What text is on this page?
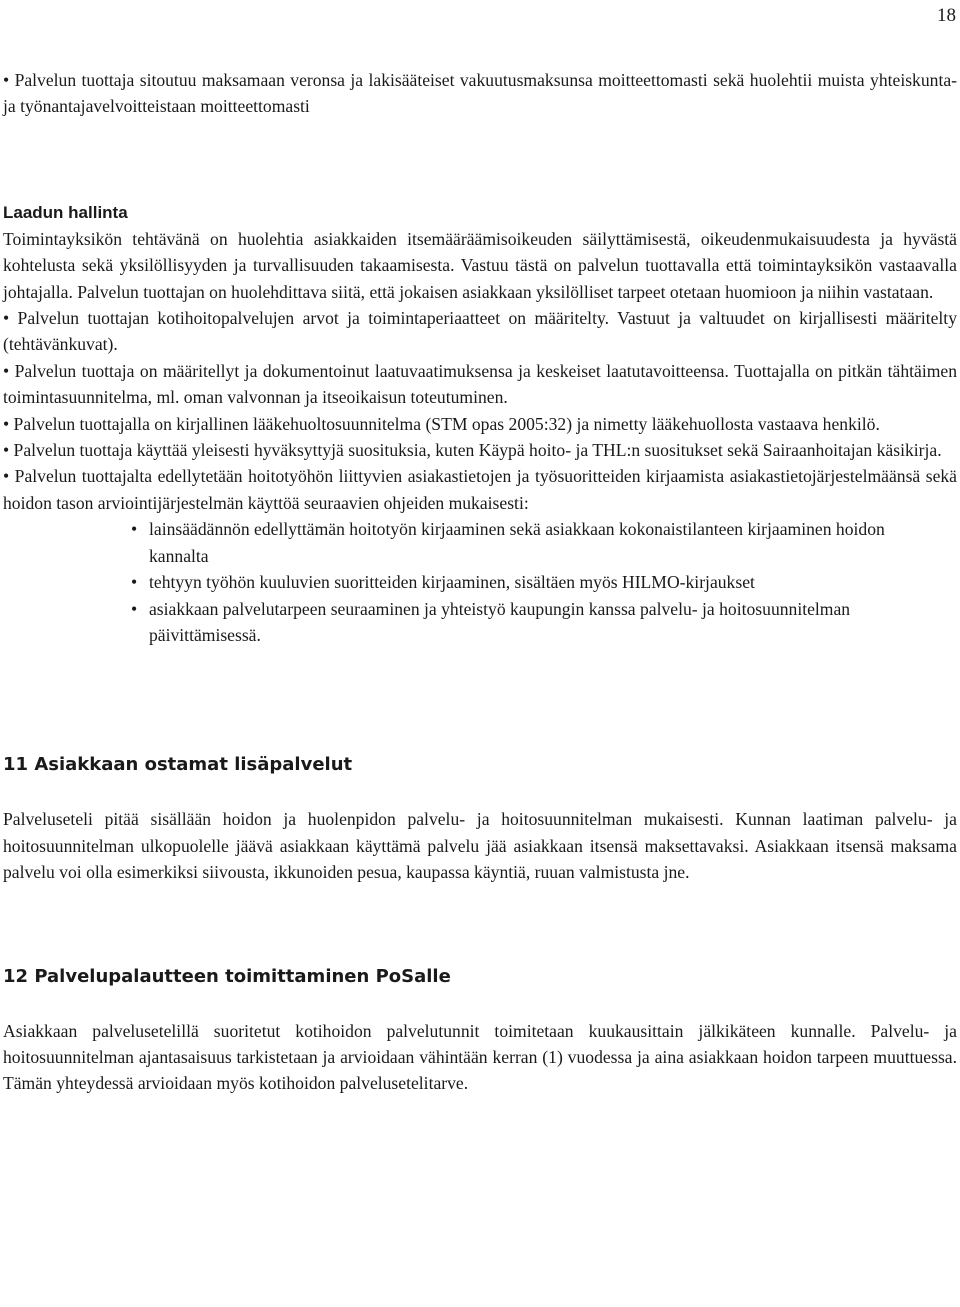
18

• Palvelun tuottaja sitoutuu maksamaan veronsa ja lakisääteiset vakuutusmaksunsa moitteettomasti sekä huolehtii muista yhteiskunta- ja työnantajavelvoitteistaan moitteettomasti

Laadun hallinta

Toimintayksikön tehtävänä on huolehtia asiakkaiden itsemääräämisoikeuden säilyttämisestä, oikeudenmukaisuudesta ja hyvästä kohtelusta sekä yksilöllisyyden ja turvallisuuden takaamisesta. Vastuu tästä on palvelun tuottavalla että toimintayksikön vastaavalla johtajalla. Palvelun tuottajan on huolehdittava siitä, että jokaisen asiakkaan yksilölliset tarpeet otetaan huomioon ja niihin vastataan.

• Palvelun tuottajan kotihoitopalvelujen arvot ja toimintaperiaatteet on määritelty. Vastuut ja valtuudet on kirjallisesti määritelty (tehtävänkuvat).

• Palvelun tuottaja on määritellyt ja dokumentoinut laatuvaatimuksensa ja keskeiset laatutavoitteensa. Tuottajalla on pitkän tähtäimen toimintasuunnitelma, ml. oman valvonnan ja itseoikaisun toteutuminen.

• Palvelun tuottajalla on kirjallinen lääkehuoltosuunnitelma (STM opas 2005:32) ja nimetty lääkehuollosta vastaava henkilö.

• Palvelun tuottaja käyttää yleisesti hyväksyttyjä suosituksia, kuten Käypä hoito- ja THL:n suositukset sekä Sairaanhoitajan käsikirja.

• Palvelun tuottajalta edellytetään hoitotyöhön liittyvien asiakastietojen ja työsuoritteiden kirjaamista asiakastietojärjestelmäänsä sekä hoidon tason arviointijärjestelmän käyttöä seuraavien ohjeiden mukaisesti:

• lainsäädännön edellyttämän hoitotyön kirjaaminen sekä asiakkaan kokonaistilanteen kirjaaminen hoidon kannalta
• tehtyyn työhön kuuluvien suoritteiden kirjaaminen, sisältäen myös HILMO-kirjaukset
• asiakkaan palvelutarpeen seuraaminen ja yhteistyö kaupungin kanssa palvelu- ja hoitosuunnitelman päivittämisessä.
11 Asiakkaan ostamat lisäpalvelut

Palveluseteli pitää sisällään hoidon ja huolenpidon palvelu- ja hoitosuunnitelman mukaisesti. Kunnan laatiman palvelu- ja hoitosuunnitelman ulkopuolelle jäävä asiakkaan käyttämä palvelu jää asiakkaan itsensä maksettavaksi. Asiakkaan itsensä maksama palvelu voi olla esimerkiksi siivousta, ikkunoiden pesua, kaupassa käyntiä, ruuan valmistusta jne.

12 Palvelupalautteen toimittaminen PoSalle

Asiakkaan palvelusetelillä suoritetut kotihoidon palvelutunnit toimitetaan kuukausittain jälkikäteen kunnalle. Palvelu- ja hoitosuunnitelman ajantasaisuus tarkistetaan ja arvioidaan vähintään kerran (1) vuodessa ja aina asiakkaan hoidon tarpeen muuttuessa. Tämän yhteydessä arvioidaan myös kotihoidon palvelusetelitarve.
